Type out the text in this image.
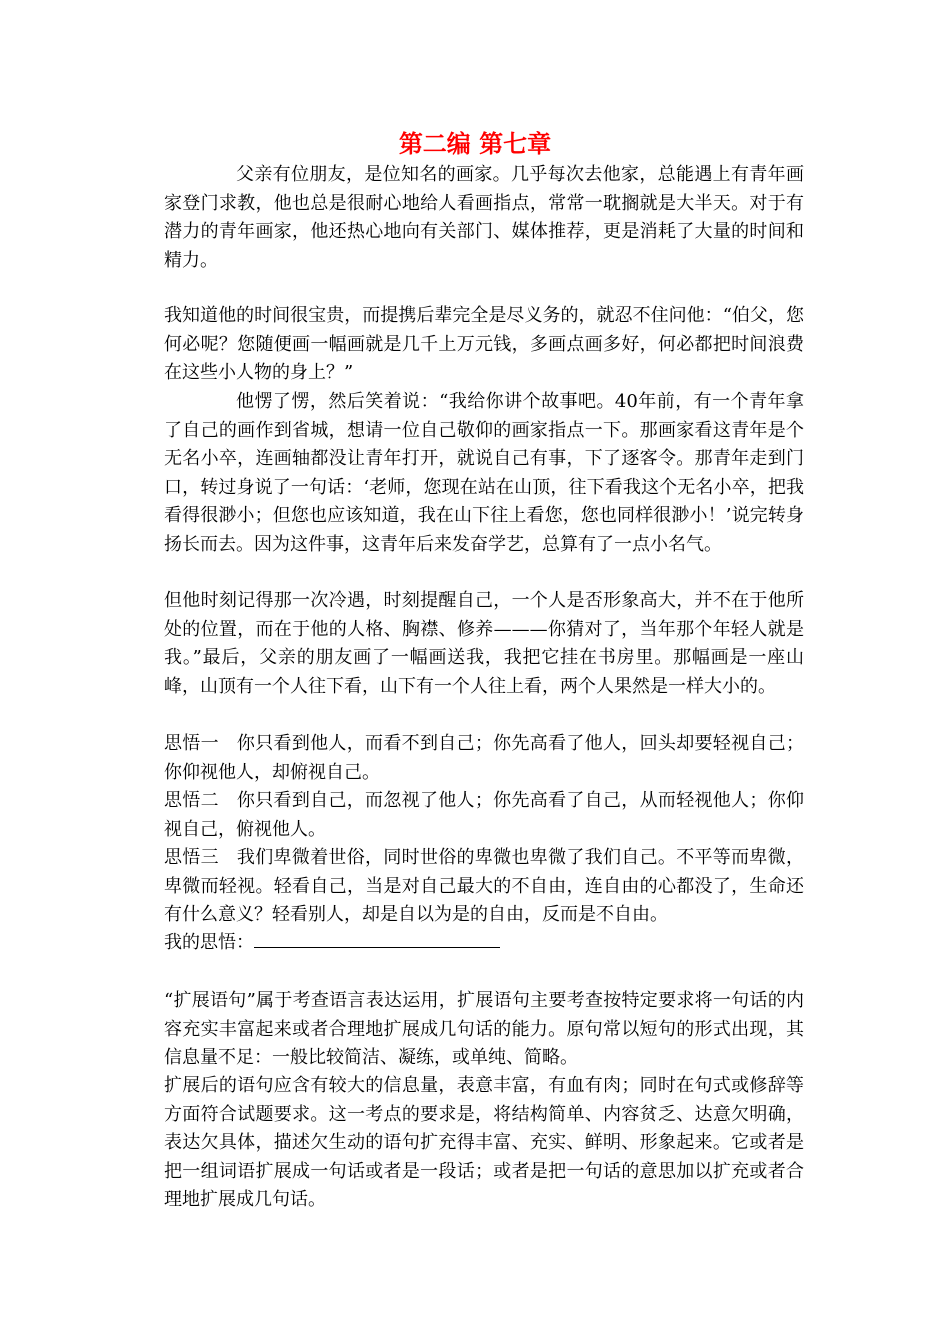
第二编 第七章

父亲有位朋友，是位知名的画家。几乎每次去他家，总能遇上有青年画家登门求教，他也总是很耐心地给人看画指点，常常一耽搁就是大半天。对于有潜力的青年画家，他还热心地向有关部门、媒体推荐，更是消耗了大量的时间和精力。

我知道他的时间很宝贵，而提携后辈完全是尽义务的，就忍不住问他：“伯父，您何必呢？您随便画一幅画就是几千上万元钱，多画点画多好，何必都把时间浪费在这些小人物的身上？”

他愣了愣，然后笑着说：“我给你讲个故事吧。40年前，有一个青年拿了自己的画作到省城，想请一位自己敬仰的画家指点一下。那画家看这青年是个无名小卒，连画轴都没让青年打开，就说自己有事，下了逐客令。那青年走到门口，转过身说了一句话：‘老师，您现在站在山顶，往下看我这个无名小卒，把我看得很渺小；但您也应该知道，我在山下往上看您，您也同样很渺小！’说完转身扬长而去。因为这件事，这青年后来发奋学艺，总算有了一点小名气。

但他时刻记得那一次冷遇，时刻提醒自己，一个人是否形象高大，并不在于他所处的位置，而在于他的人格、胸襟、修养———你猜对了，当年那个年轻人就是我。”最后，父亲的朋友画了一幅画送我，我把它挂在书房里。那幅画是一座山峰，山顶有一个人往下看，山下有一个人往上看，两个人果然是一样大小的。

思悟一 你只看到他人，而看不到自己；你先高看了他人，回头却要轻视自己；你仰视他人，却俯视自己。

思悟二 你只看到自己，而忽视了他人；你先高看了自己，从而轻视他人；你仰视自己，俯视他人。

思悟三 我们卑微着世俗，同时世俗的卑微也卑微了我们自己。不平等而卑微，卑微而轻视。轻看自己，当是对自己最大的不自由，连自由的心都没了，生命还有什么意义？轻看别人，却是自以为是的自由，反而是不自由。

我的思悟：

“扩展语句”属于考查语言表达运用，扩展语句主要考查按特定要求将一句话的内容充实丰富起来或者合理地扩展成几句话的能力。原句常以短句的形式出现，其信息量不足：一般比较简洁、凝练，或单纯、简略。

扩展后的语句应含有较大的信息量，表意丰富，有血有肉；同时在句式或修辞等方面符合试题要求。这一考点的要求是，将结构简单、内容贫乏、达意欠明确，表达欠具体，描述欠生动的语句扩充得丰富、充实、鲜明、形象起来。它或者是把一组词语扩展成一句话或者是一段话；或者是把一句话的意思加以扩充或者合理地扩展成几句话。
